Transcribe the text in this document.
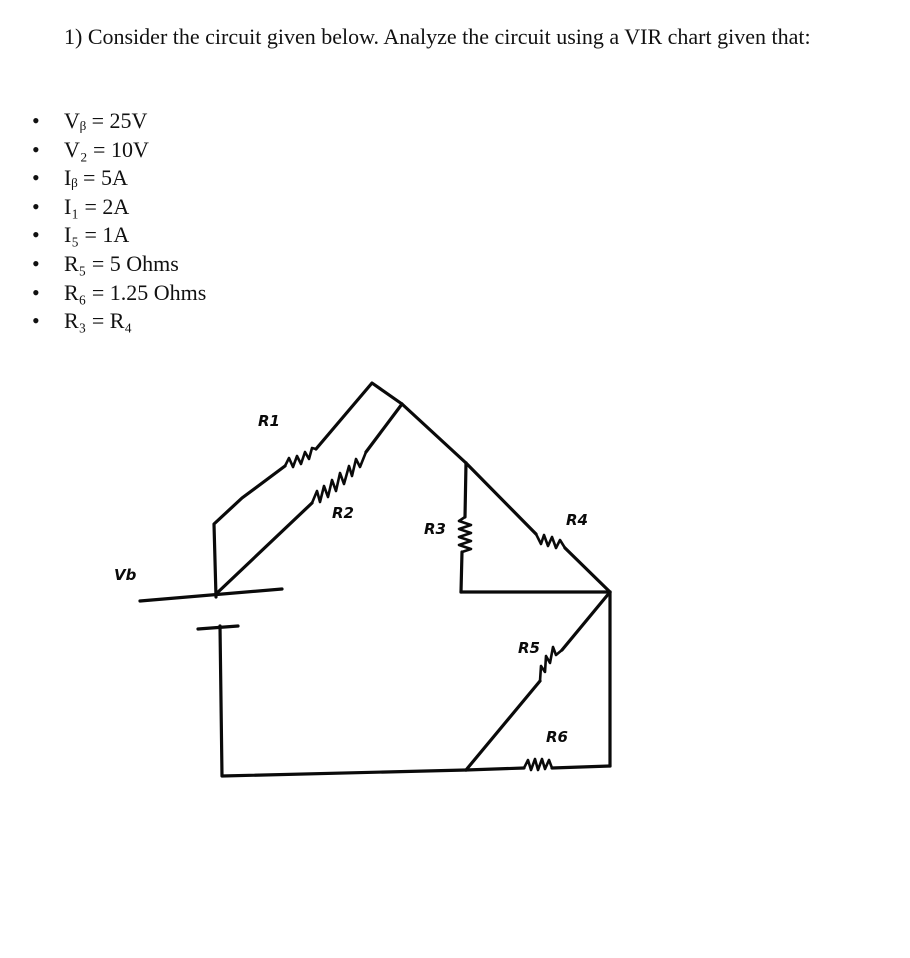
1) Consider the circuit given below. Analyze the circuit using a VIR chart given that:

• Vᵦ = 25V
• V₂ = 10V
• Iᵦ = 5A
• I₁ = 2A
• I₅ = 1A
• R₅ = 5 Ohms
• R₆ = 1.25 Ohms
• R₃ = R₄
Vb
R1
R2
R3	R4
R5
R6
